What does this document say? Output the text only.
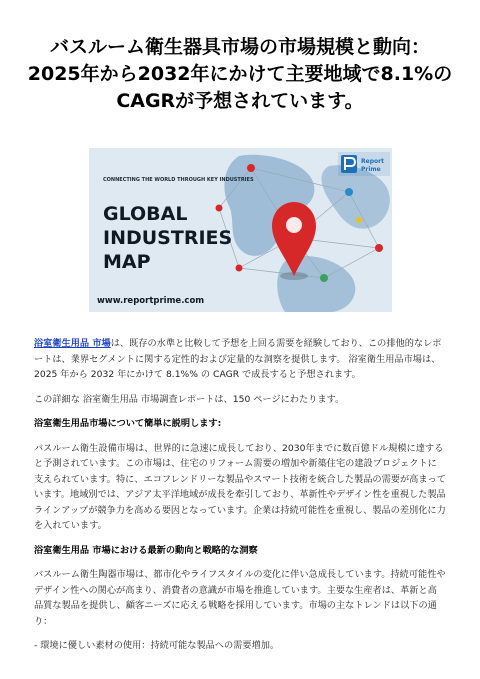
バスルーム衛生器具市場の市場規模と動向：
2025年から2032年にかけて主要地域で8.1%の
CAGRが予想されています。
CONNECTING THE WORLD THROUGH KEY INDUSTRIES
GLOBAL
INDUSTRIES
MAP
www.reportprime.com
Report
Prime

浴室衛生用品 市場は、既存の水準と比較して予想を上回る需要を経験しており、この排他的なレポートは、業界セグメントに関する定性的および定量的な洞察を提供します。 浴室衛生用品市場は、2025 年から 2032 年にかけて 8.1%% の CAGR で成長すると予想されます。

この詳細な 浴室衛生用品 市場調査レポートは、150 ページにわたります。

浴室衛生用品市場について簡単に説明します:

バスルーム衛生設備市場は、世界的に急速に成長しており、2030年までに数百億ドル規模に達すると予測されています。この市場は、住宅のリフォーム需要の増加や新築住宅の建設プロジェクトに支えられています。特に、エコフレンドリーな製品やスマート技術を統合した製品の需要が高まっています。地域別では、アジア太平洋地域が成長を牽引しており、革新性やデザイン性を重視した製品ラインアップが競争力を高める要因となっています。企業は持続可能性を重視し、製品の差別化に力を入れています。

浴室衛生用品 市場における最新の動向と戦略的な洞察

バスルーム衛生陶器市場は、都市化やライフスタイルの変化に伴い急成長しています。持続可能性やデザイン性への関心が高まり、消費者の意識が市場を推進しています。主要な生産者は、革新と高品質な製品を提供し、顧客ニーズに応える戦略を採用しています。市場の主なトレンドは以下の通り：

- 環境に優しい素材の使用：持続可能な製品への需要増加。
